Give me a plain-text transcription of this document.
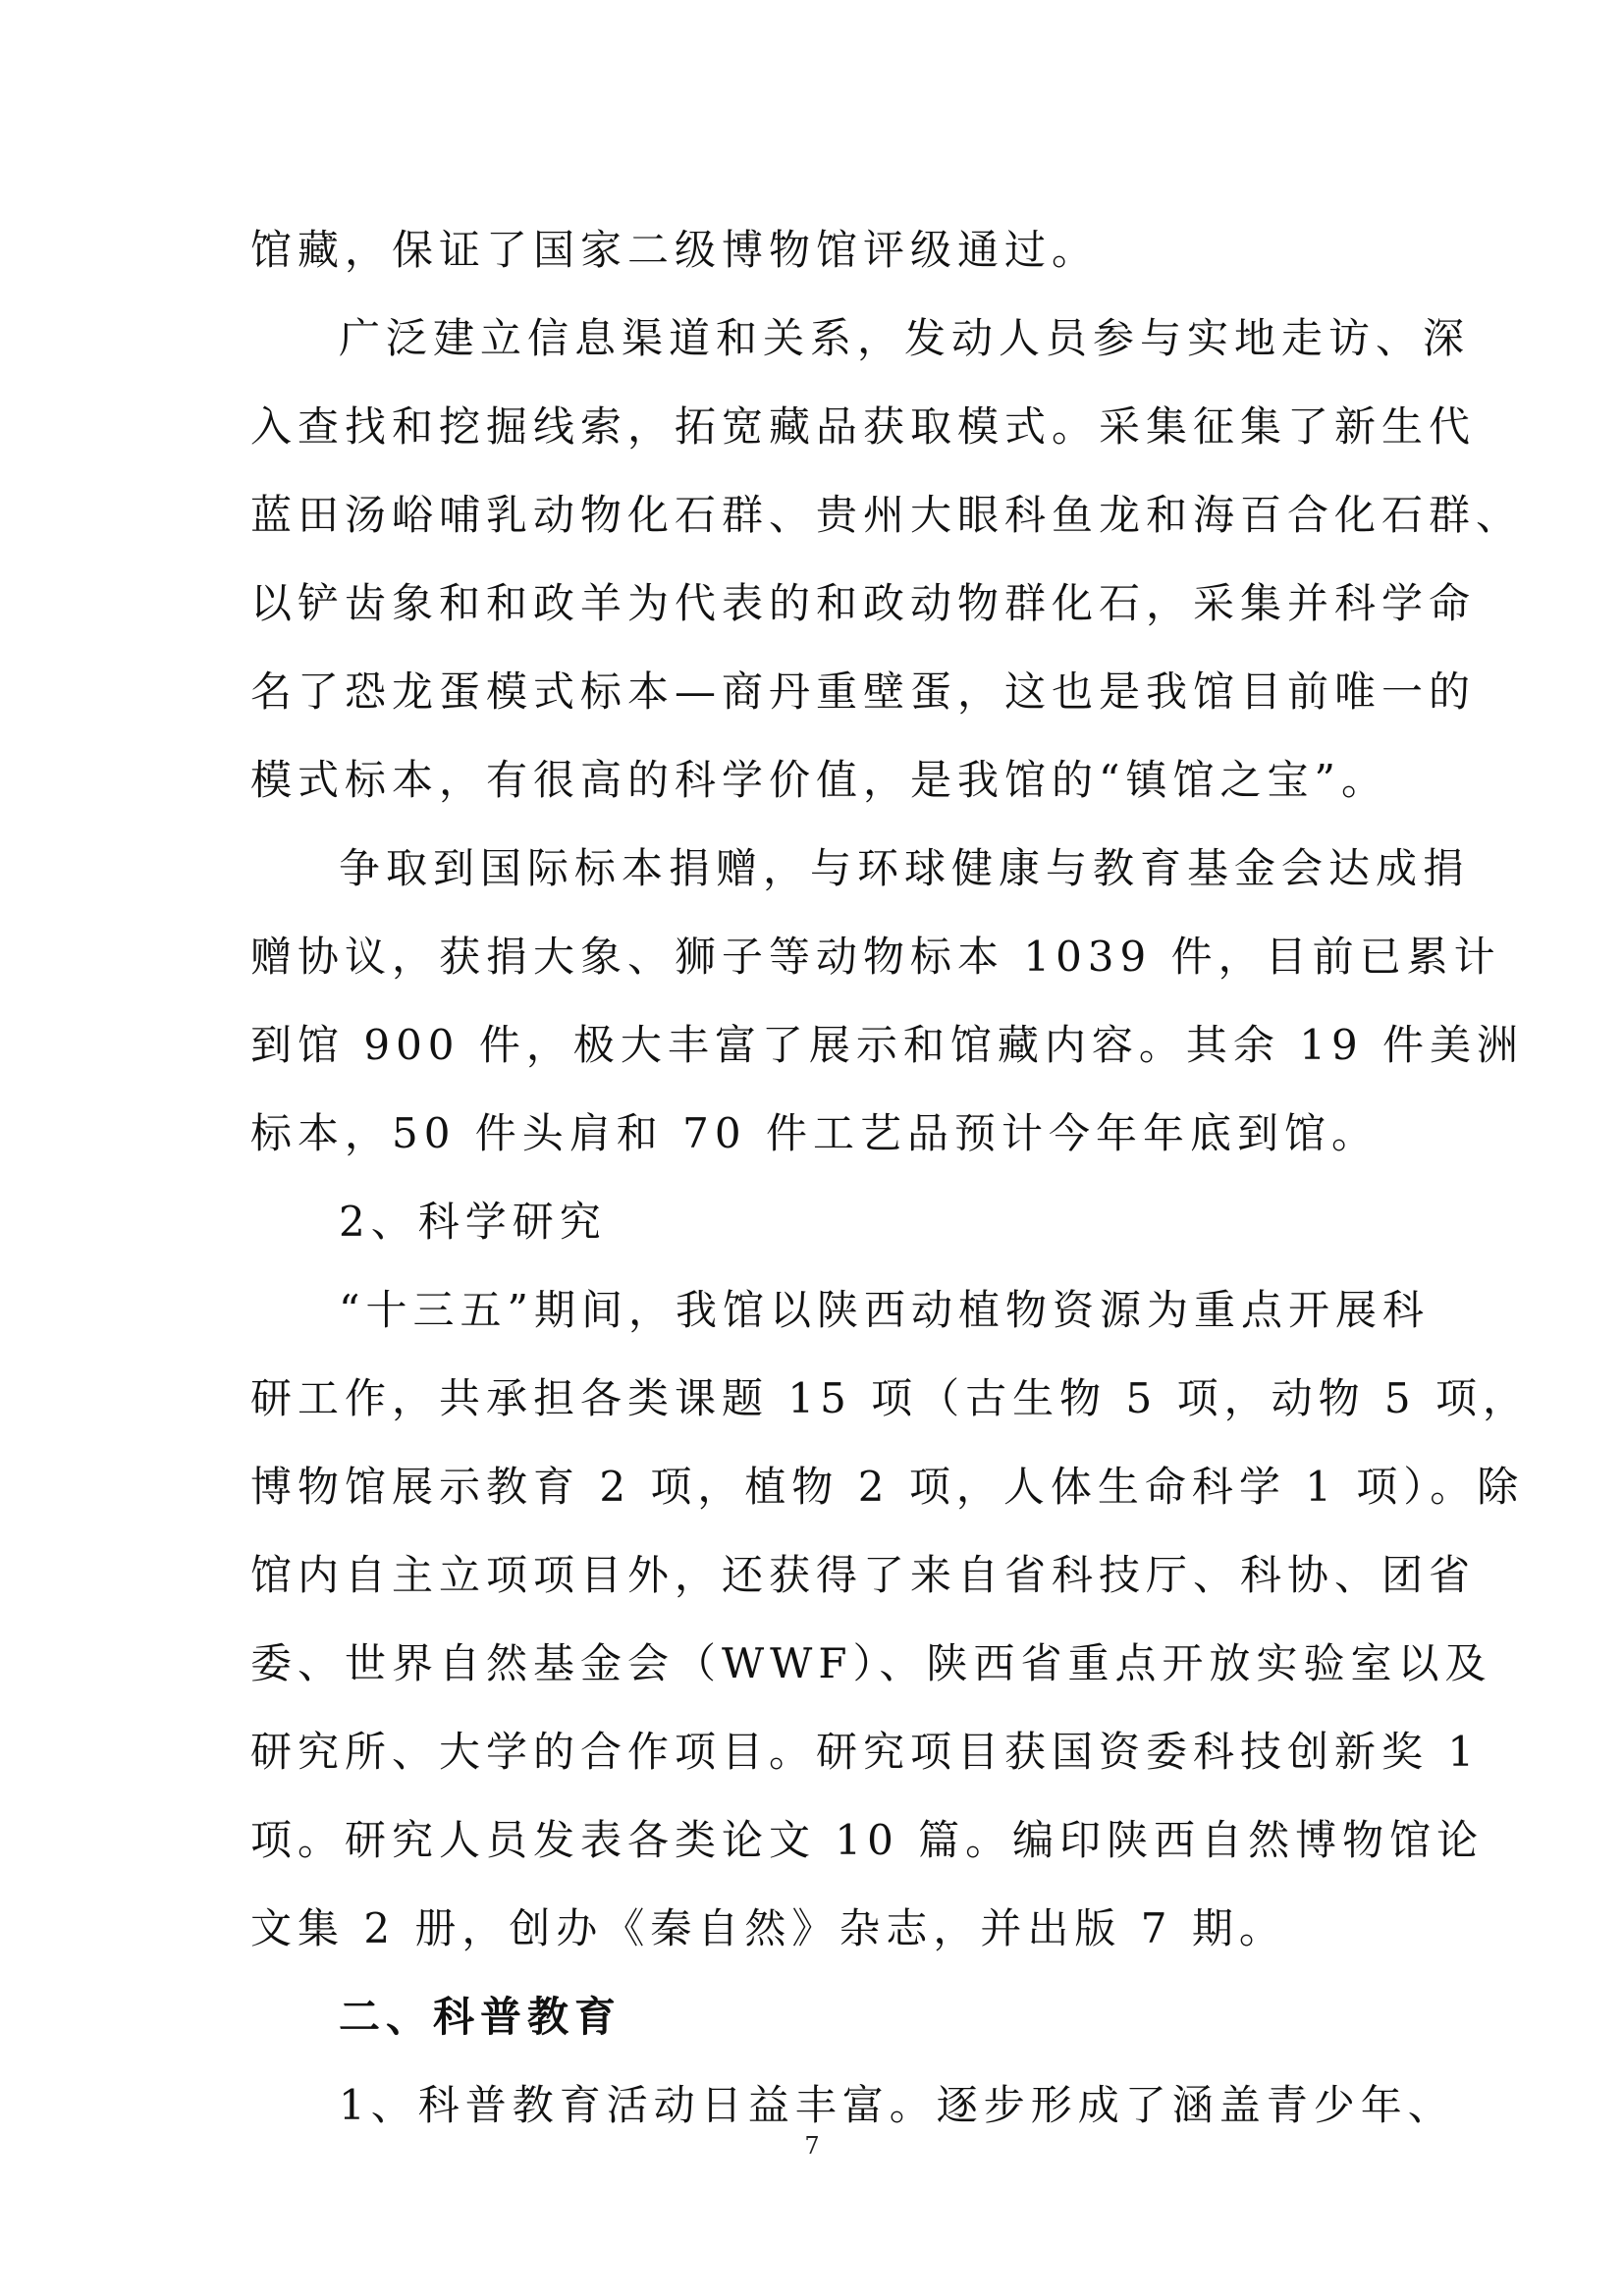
馆藏，保证了国家二级博物馆评级通过。
广泛建立信息渠道和关系，发动人员参与实地走访、深
入查找和挖掘线索，拓宽藏品获取模式。采集征集了新生代
蓝田汤峪哺乳动物化石群、贵州大眼科鱼龙和海百合化石群、
以铲齿象和和政羊为代表的和政动物群化石，采集并科学命
名了恐龙蛋模式标本—商丹重壁蛋，这也是我馆目前唯一的
模式标本，有很高的科学价值，是我馆的“镇馆之宝”。
争取到国际标本捐赠，与环球健康与教育基金会达成捐
赠协议，获捐大象、狮子等动物标本 1039 件，目前已累计
到馆 900 件，极大丰富了展示和馆藏内容。其余 19 件美洲
标本，50 件头肩和 70 件工艺品预计今年年底到馆。
2、科学研究
“十三五”期间，我馆以陕西动植物资源为重点开展科
研工作，共承担各类课题 15 项（古生物 5 项，动物 5 项，
博物馆展示教育 2 项，植物 2 项，人体生命科学 1 项）。除
馆内自主立项项目外，还获得了来自省科技厅、科协、团省
委、世界自然基金会（WWF）、陕西省重点开放实验室以及
研究所、大学的合作项目。研究项目获国资委科技创新奖 1
项。研究人员发表各类论文 10 篇。编印陕西自然博物馆论
文集 2 册，创办《秦自然》杂志，并出版 7 期。
二、科普教育
1、科普教育活动日益丰富。逐步形成了涵盖青少年、
7
